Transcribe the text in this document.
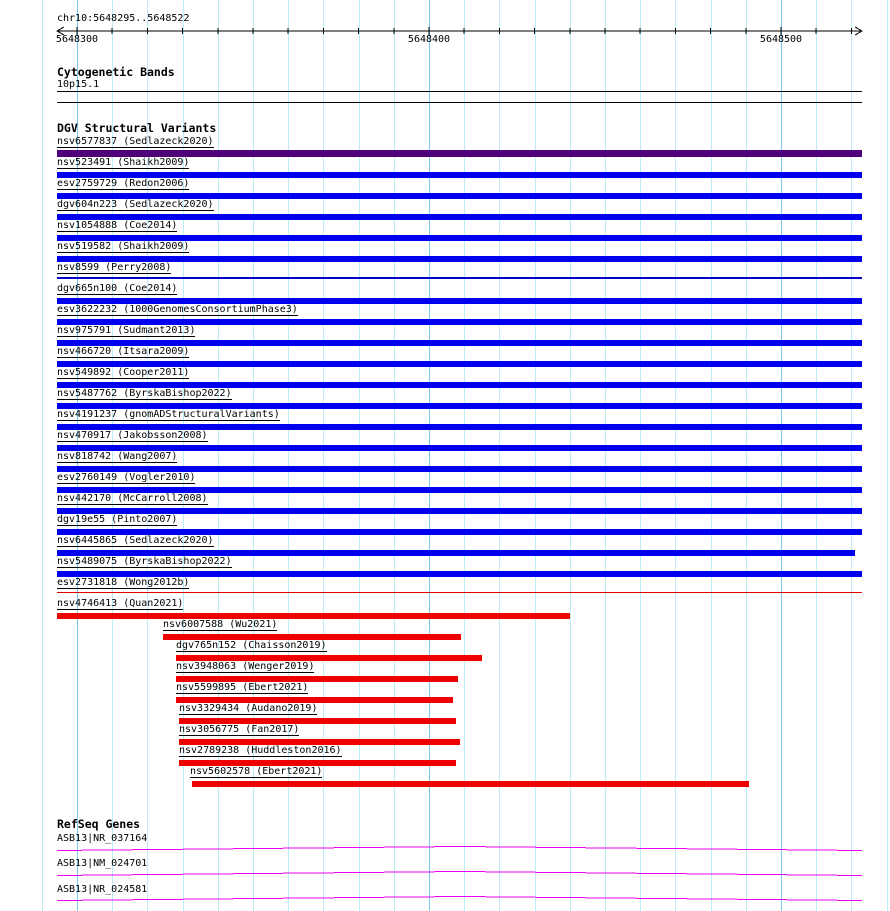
chr10:5648295..5648522
5648300	5648400	5648500
Cytogenetic Bands
10p15.1
DGV Structural Variants
nsv6577837 (Sedlazeck2020)
nsv523491 (Shaikh2009)
esv2759729 (Redon2006)
dgv604n223 (Sedlazeck2020)
nsv1054888 (Coe2014)
nsv519582 (Shaikh2009)
nsv8599 (Perry2008)
dgv665n100 (Coe2014)
esv3622232 (1000GenomesConsortiumPhase3)
nsv975791 (Sudmant2013)
nsv466720 (Itsara2009)
nsv549892 (Cooper2011)
nsv5487762 (ByrskaBishop2022)
nsv4191237 (gnomADStructuralVariants)
nsv470917 (Jakobsson2008)
nsv818742 (Wang2007)
esv2760149 (Vogler2010)
nsv442170 (McCarroll2008)
dgv19e55 (Pinto2007)
nsv6445865 (Sedlazeck2020)
nsv5489075 (ByrskaBishop2022)
esv2731818 (Wong2012b)
nsv4746413 (Quan2021)
nsv6007588 (Wu2021)
dgv765n152 (Chaisson2019)
nsv3948063 (Wenger2019)
nsv5599895 (Ebert2021)
nsv3329434 (Audano2019)
nsv3056775 (Fan2017)
nsv2789238 (Huddleston2016)
nsv5602578 (Ebert2021)
RefSeq Genes
ASB13|NR_037164
ASB13|NM_024701
ASB13|NR_024581
